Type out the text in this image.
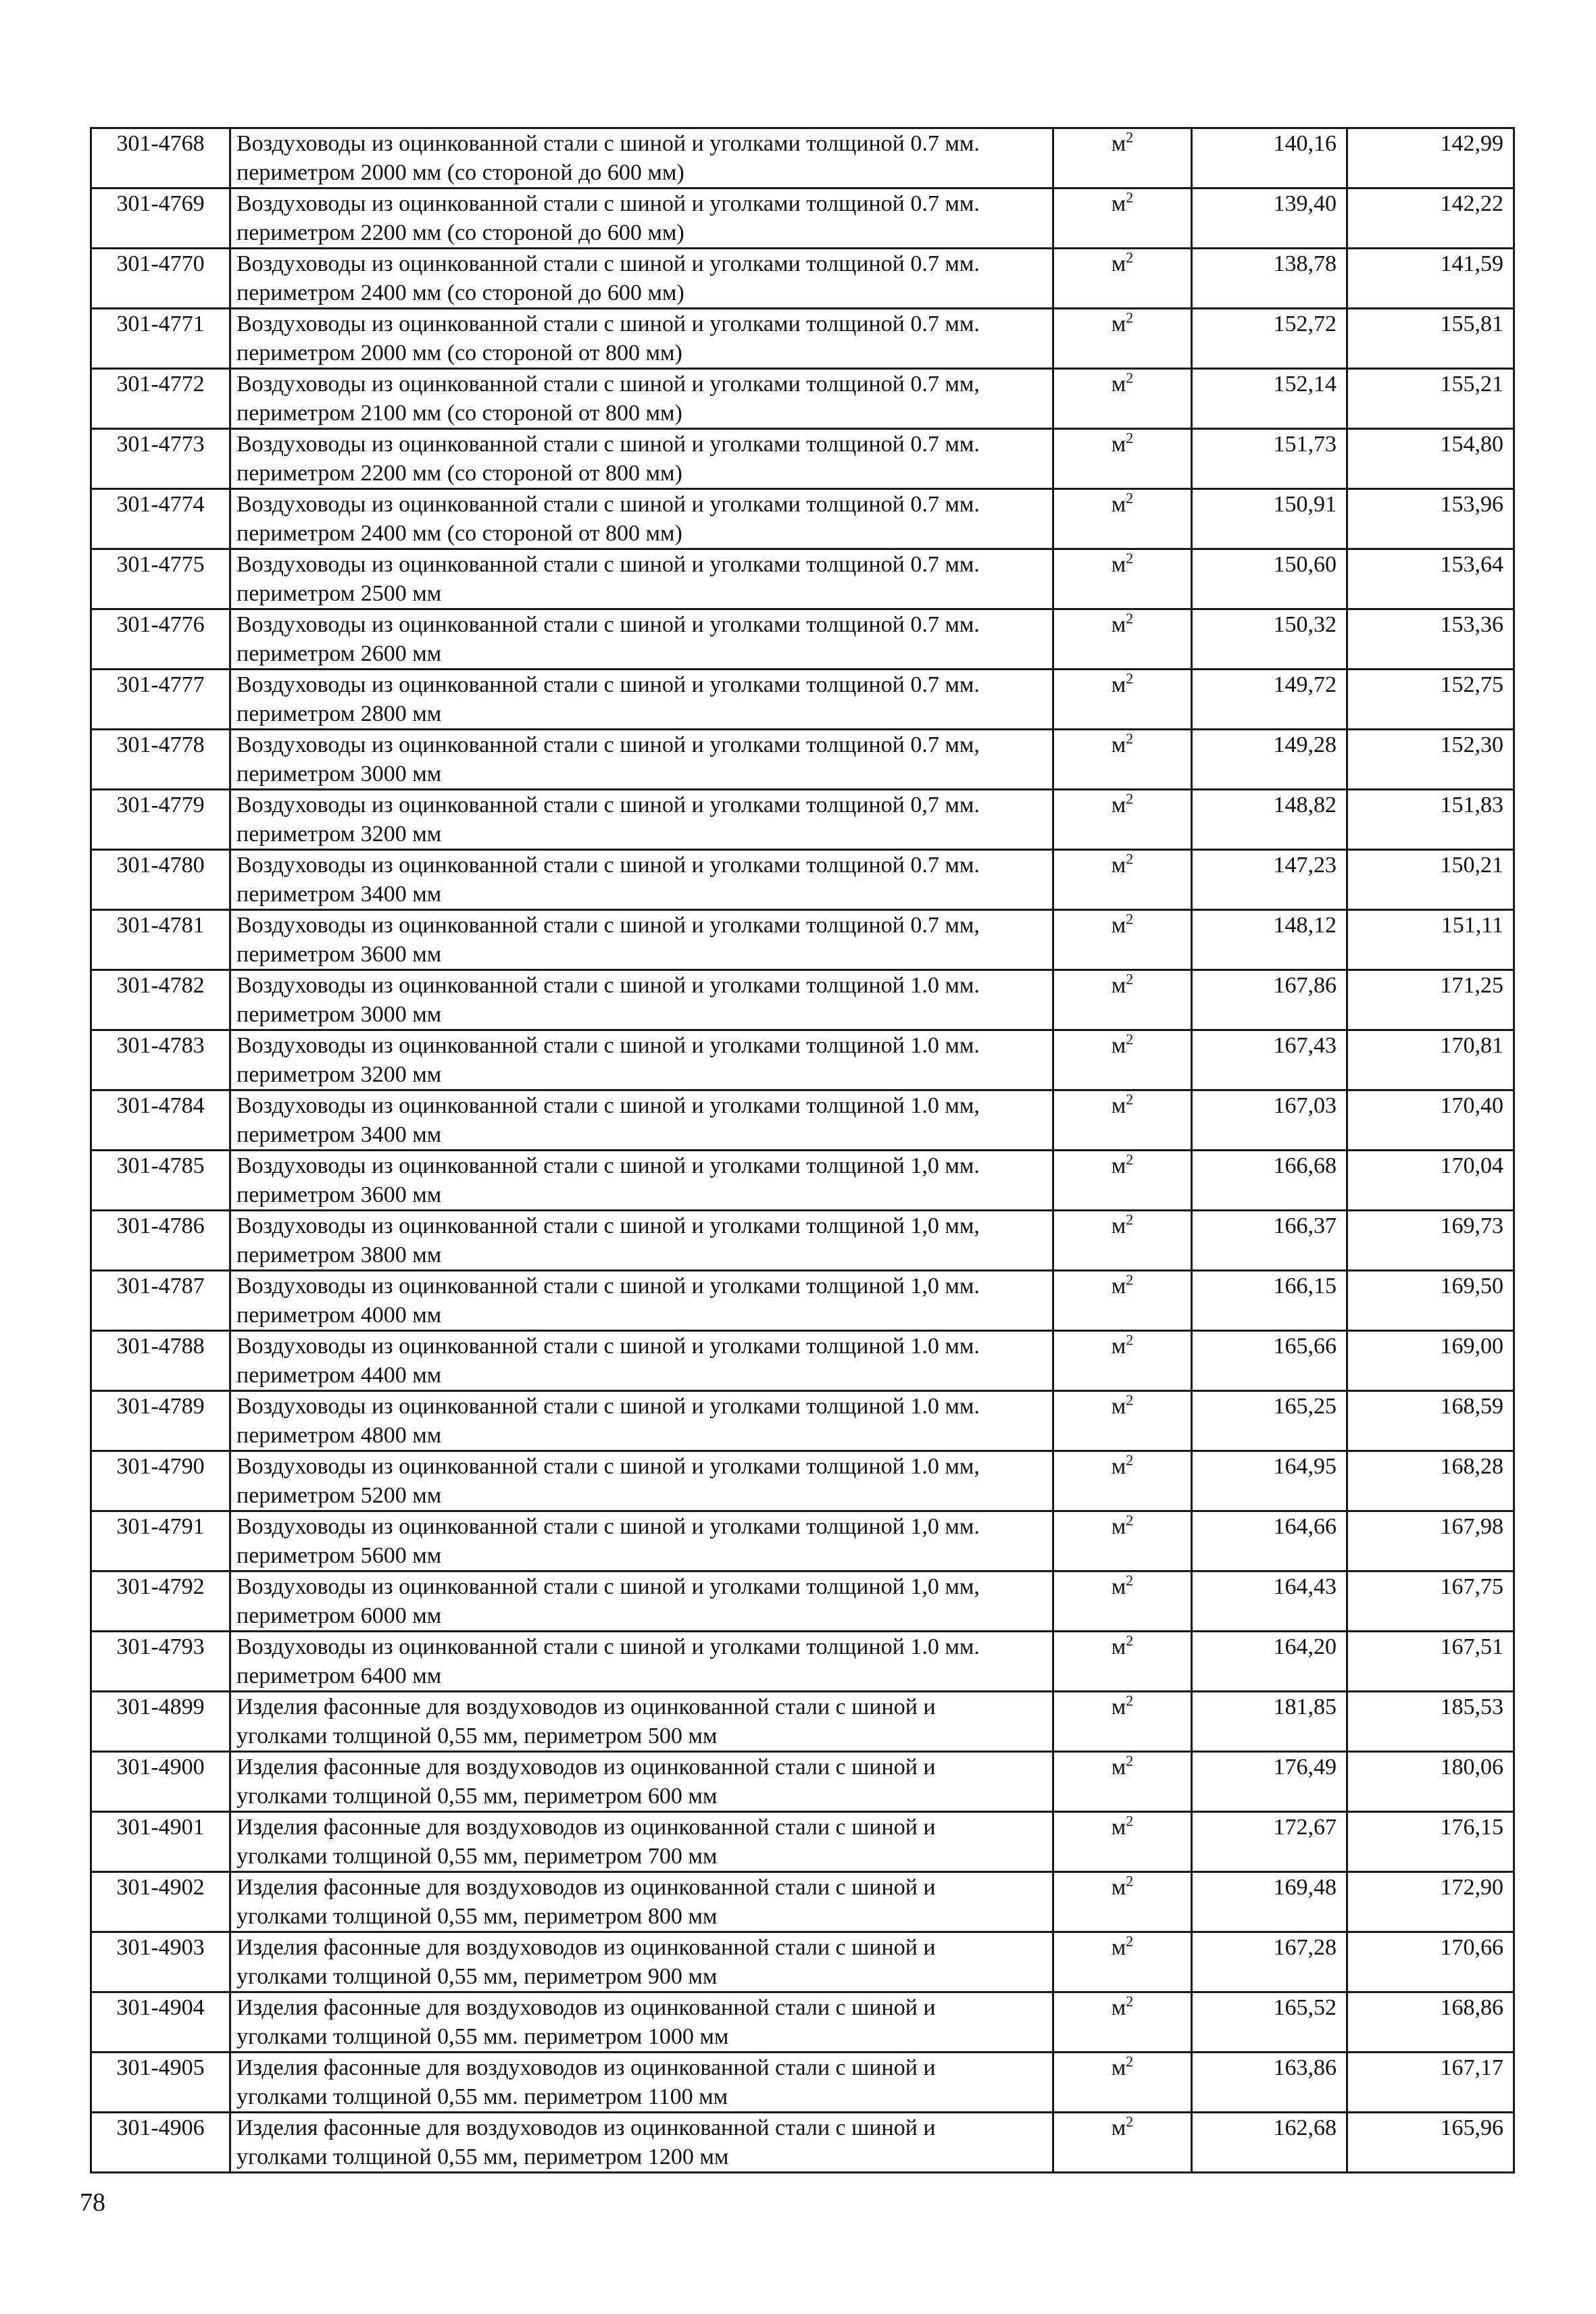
301-4768	Воздуховоды из оцинкованной стали с шиной и уголками толщиной 0.7 мм.
периметром 2000 мм (со стороной до 600 мм)	$м^2$	140,16	142,99
301-4769	Воздуховоды из оцинкованной стали с шиной и уголками толщиной 0.7 мм.
периметром 2200 мм (со стороной до 600 мм)	$м^2$	139,40	142,22
301-4770	Воздуховоды из оцинкованной стали с шиной и уголками толщиной 0.7 мм.
периметром 2400 мм (со стороной до 600 мм)	$м^2$	138,78	141,59
301-4771	Воздуховоды из оцинкованной стали с шиной и уголками толщиной 0.7 мм.
периметром 2000 мм (со стороной от 800 мм)	$м^2$	152,72	155,81
301-4772	Воздуховоды из оцинкованной стали с шиной и уголками толщиной 0.7 мм,
периметром 2100 мм (со стороной от 800 мм)	$м^2$	152,14	155,21
301-4773	Воздуховоды из оцинкованной стали с шиной и уголками толщиной 0.7 мм.
периметром 2200 мм (со стороной от 800 мм)	$м^2$	151,73	154,80
301-4774	Воздуховоды из оцинкованной стали с шиной и уголками толщиной 0.7 мм.
периметром 2400 мм (со стороной от 800 мм)	$м^2$	150,91	153,96
301-4775	Воздуховоды из оцинкованной стали с шиной и уголками толщиной 0.7 мм.
периметром 2500 мм	$м^2$	150,60	153,64
301-4776	Воздуховоды из оцинкованной стали с шиной и уголками толщиной 0.7 мм.
периметром 2600 мм	$м^2$	150,32	153,36
301-4777	Воздуховоды из оцинкованной стали с шиной и уголками толщиной 0.7 мм.
периметром 2800 мм	$м^2$	149,72	152,75
301-4778	Воздуховоды из оцинкованной стали с шиной и уголками толщиной 0.7 мм,
периметром 3000 мм	$м^2$	149,28	152,30
301-4779	Воздуховоды из оцинкованной стали с шиной и уголками толщиной 0,7 мм.
периметром 3200 мм	$м^2$	148,82	151,83
301-4780	Воздуховоды из оцинкованной стали с шиной и уголками толщиной 0.7 мм.
периметром 3400 мм	$м^2$	147,23	150,21
301-4781	Воздуховоды из оцинкованной стали с шиной и уголками толщиной 0.7 мм,
периметром 3600 мм	$м^2$	148,12	151,11
301-4782	Воздуховоды из оцинкованной стали с шиной и уголками толщиной 1.0 мм.
периметром 3000 мм	$м^2$	167,86	171,25
301-4783	Воздуховоды из оцинкованной стали с шиной и уголками толщиной 1.0 мм.
периметром 3200 мм	$м^2$	167,43	170,81
301-4784	Воздуховоды из оцинкованной стали с шиной и уголками толщиной 1.0 мм,
периметром 3400 мм	$м^2$	167,03	170,40
301-4785	Воздуховоды из оцинкованной стали с шиной и уголками толщиной 1,0 мм.
периметром 3600 мм	$м^2$	166,68	170,04
301-4786	Воздуховоды из оцинкованной стали с шиной и уголками толщиной 1,0 мм,
периметром 3800 мм	$м^2$	166,37	169,73
301-4787	Воздуховоды из оцинкованной стали с шиной и уголками толщиной 1,0 мм.
периметром 4000 мм	$м^2$	166,15	169,50
301-4788	Воздуховоды из оцинкованной стали с шиной и уголками толщиной 1.0 мм.
периметром 4400 мм	$м^2$	165,66	169,00
301-4789	Воздуховоды из оцинкованной стали с шиной и уголками толщиной 1.0 мм.
периметром 4800 мм	$м^2$	165,25	168,59
301-4790	Воздуховоды из оцинкованной стали с шиной и уголками толщиной 1.0 мм,
периметром 5200 мм	$м^2$	164,95	168,28
301-4791	Воздуховоды из оцинкованной стали с шиной и уголками толщиной 1,0 мм.
периметром 5600 мм	$м^2$	164,66	167,98
301-4792	Воздуховоды из оцинкованной стали с шиной и уголками толщиной 1,0 мм,
периметром 6000 мм	$м^2$	164,43	167,75
301-4793	Воздуховоды из оцинкованной стали с шиной и уголками толщиной 1.0 мм.
периметром 6400 мм	$м^2$	164,20	167,51
301-4899	Изделия фасонные для воздуховодов из оцинкованной стали с шиной и
уголками толщиной 0,55 мм, периметром 500 мм	$м^2$	181,85	185,53
301-4900	Изделия фасонные для воздуховодов из оцинкованной стали с шиной и
уголками толщиной 0,55 мм, периметром 600 мм	$м^2$	176,49	180,06
301-4901	Изделия фасонные для воздуховодов из оцинкованной стали с шиной и
уголками толщиной 0,55 мм, периметром 700 мм	$м^2$	172,67	176,15
301-4902	Изделия фасонные для воздуховодов из оцинкованной стали с шиной и
уголками толщиной 0,55 мм, периметром 800 мм	$м^2$	169,48	172,90
301-4903	Изделия фасонные для воздуховодов из оцинкованной стали с шиной и
уголками толщиной 0,55 мм, периметром 900 мм	$м^2$	167,28	170,66
301-4904	Изделия фасонные для воздуховодов из оцинкованной стали с шиной и
уголками толщиной 0,55 мм. периметром 1000 мм	$м^2$	165,52	168,86
301-4905	Изделия фасонные для воздуховодов из оцинкованной стали с шиной и
уголками толщиной 0,55 мм. периметром 1100 мм	$м^2$	163,86	167,17
301-4906	Изделия фасонные для воздуховодов из оцинкованной стали с шиной и
уголками толщиной 0,55 мм, периметром 1200 мм	$м^2$	162,68	165,96
78
